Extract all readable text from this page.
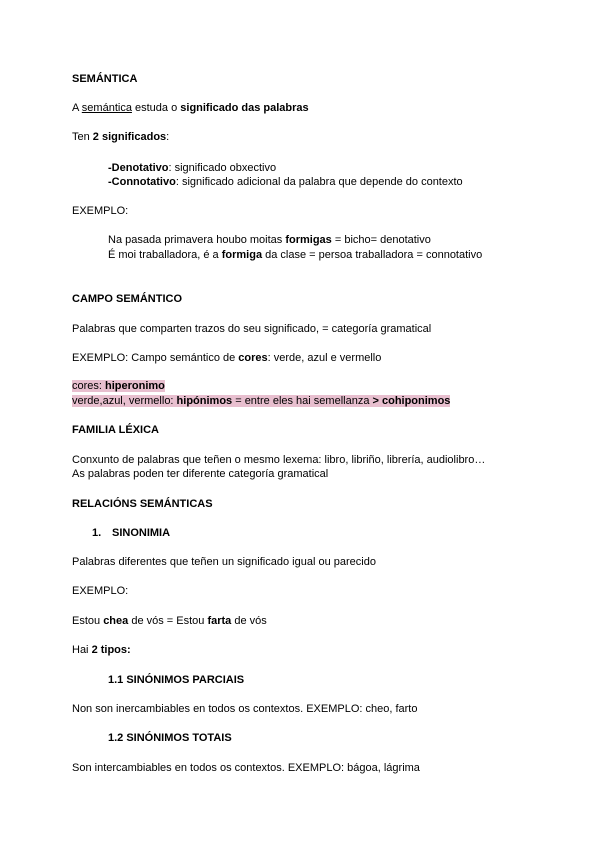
SEMÁNTICA
A semántica estuda o significado das palabras
Ten 2 significados:
-Denotativo: significado obxectivo
-Connotativo: significado adicional da palabra que depende do contexto
EXEMPLO:
Na pasada primavera houbo moitas formigas = bicho= denotativo
É moi traballadora, é a formiga da clase = persoa traballadora = connotativo
CAMPO SEMÁNTICO
Palabras que comparten trazos do seu significado, = categoría gramatical
EXEMPLO: Campo semántico de cores: verde, azul e vermello
cores: hiperonimo
verde,azul, vermello: hipónimos = entre eles hai semellanza > cohiponimos
FAMILIA LÉXICA
Conxunto de palabras que teñen o mesmo lexema: libro, libriño, librería, audiolibro…
As palabras poden ter diferente categoría gramatical
RELACIÓNS SEMÁNTICAS
1. SINONIMIA
Palabras diferentes que teñen un significado igual ou parecido
EXEMPLO:
Estou chea de vós = Estou farta de vós
Hai 2 tipos:
1.1 SINÓNIMOS PARCIAIS
Non son inercambiables en todos os contextos. EXEMPLO: cheo, farto
1.2 SINÓNIMOS TOTAIS
Son intercambiables en todos os contextos. EXEMPLO: bágoa, lágrima
